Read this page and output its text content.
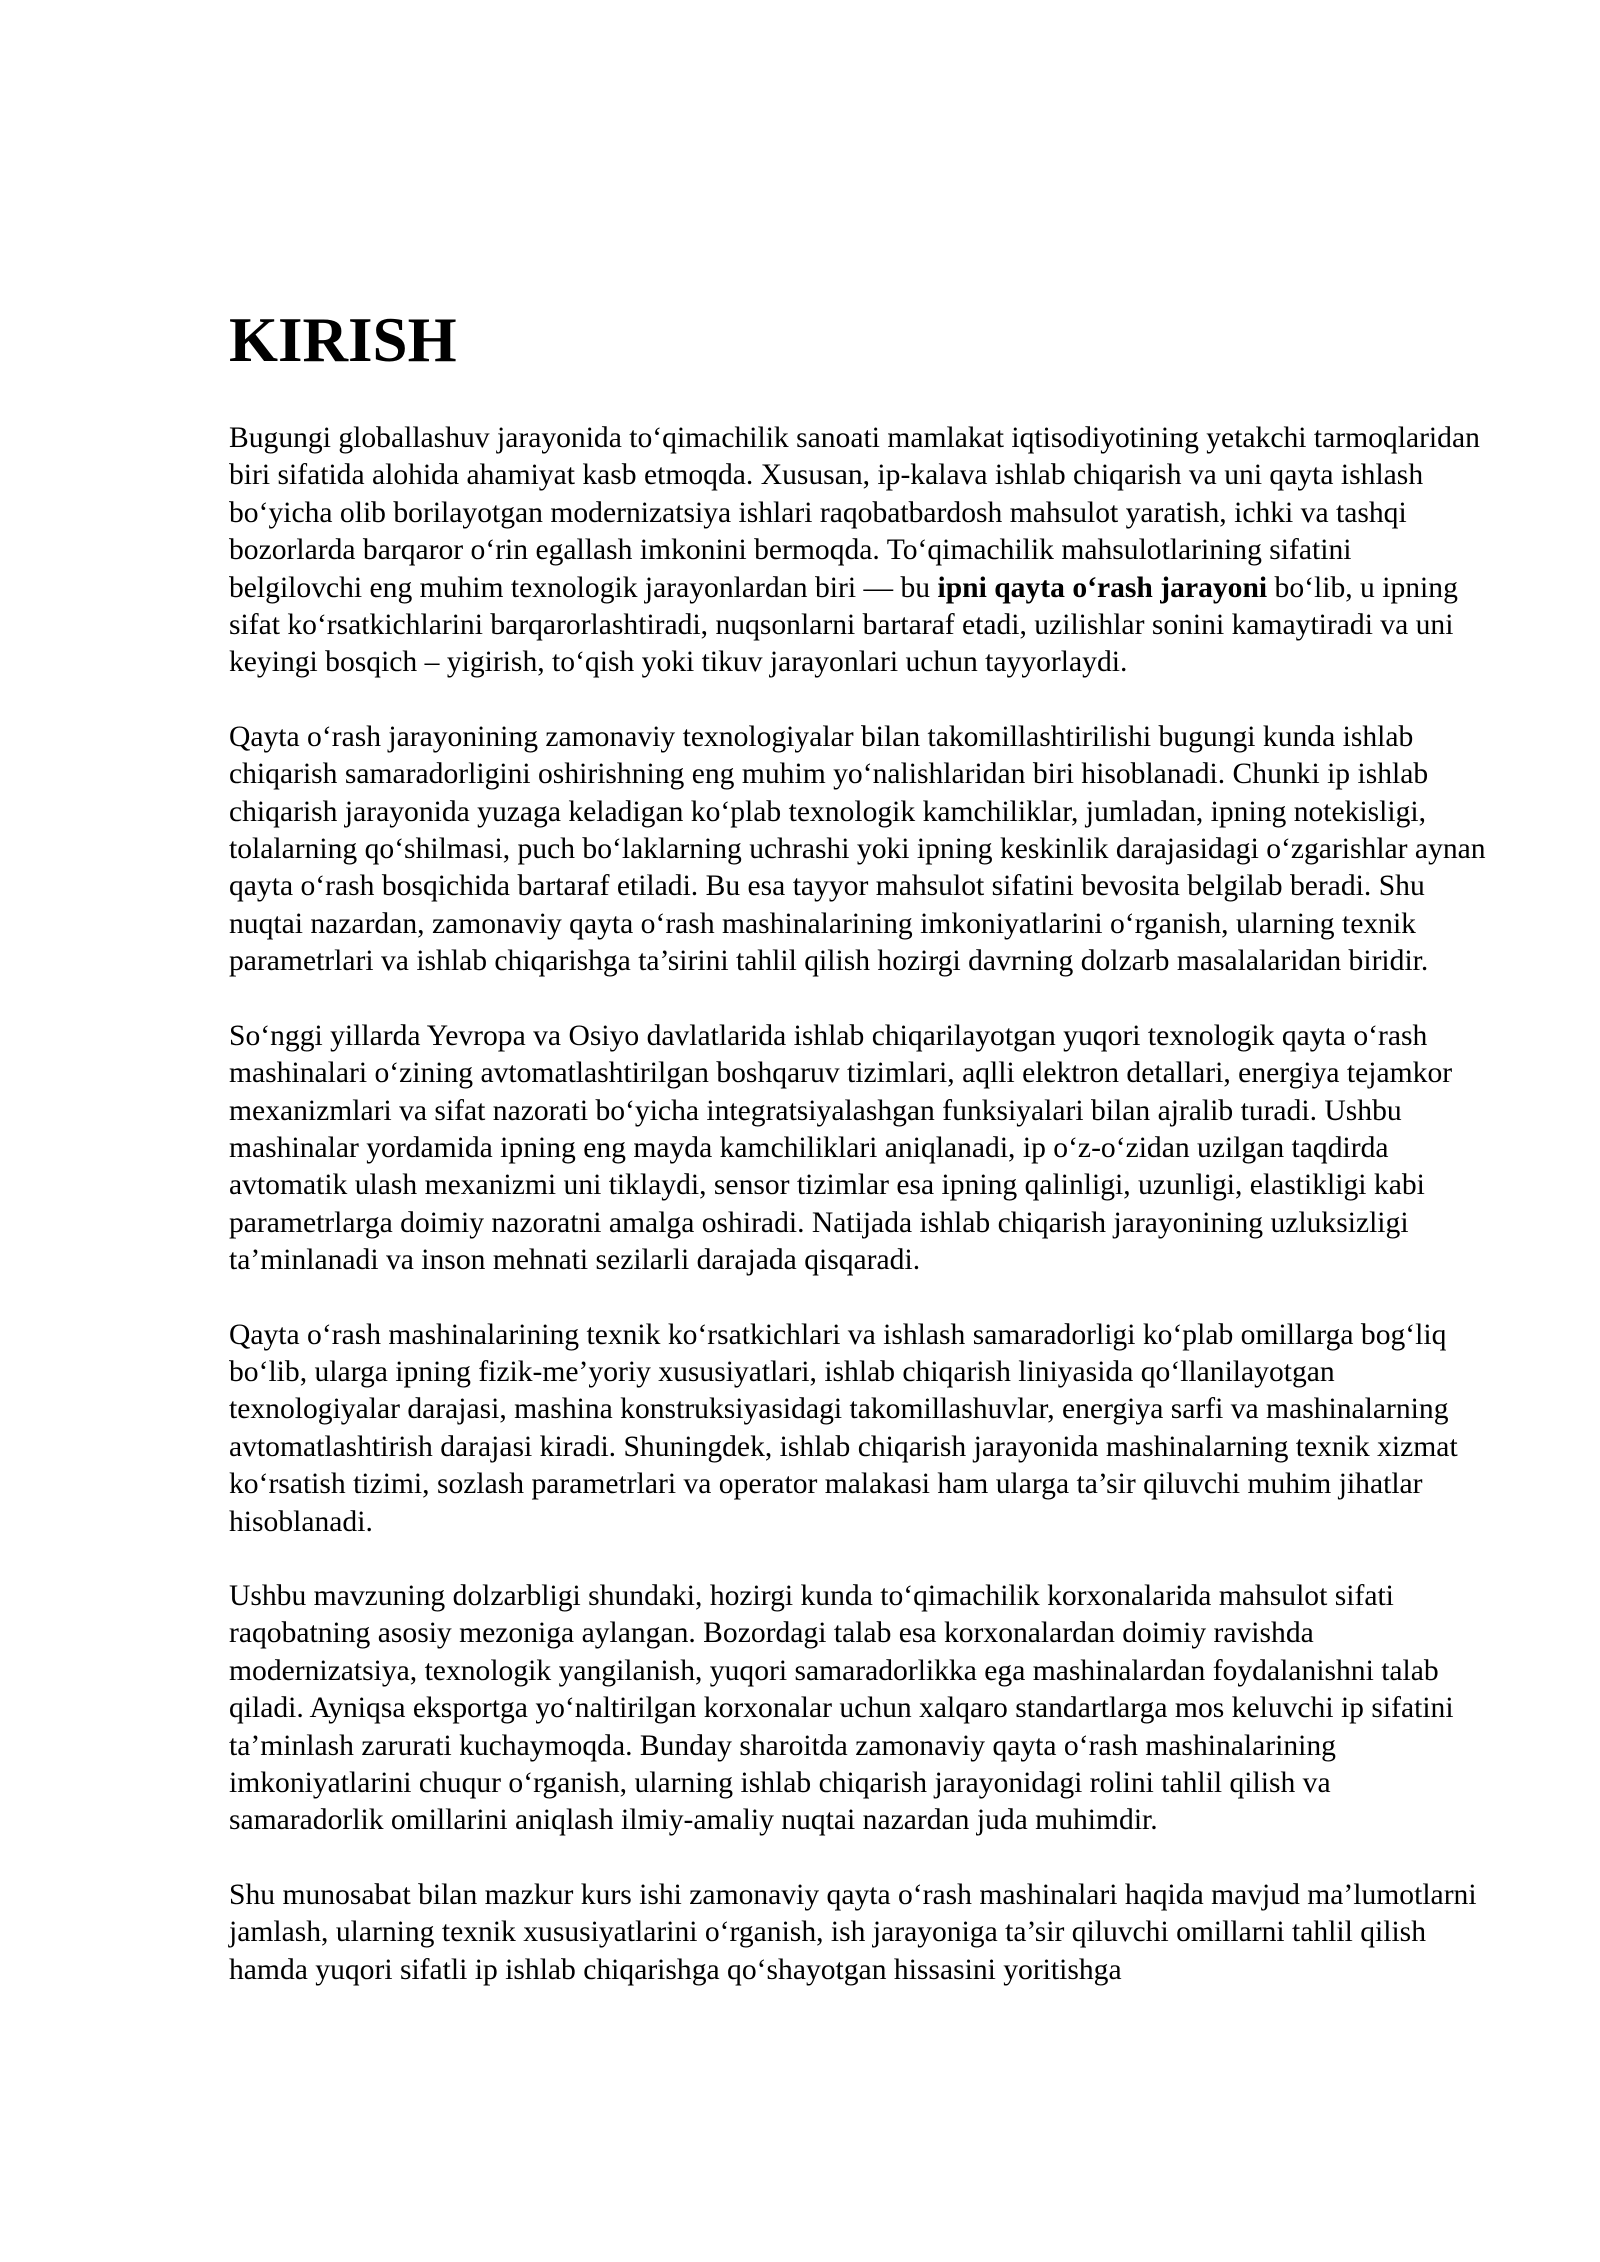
KIRISH

Bugungi globallashuv jarayonida to‘qimachilik sanoati mamlakat iqtisodiyotining yetakchi tarmoqlaridan biri sifatida alohida ahamiyat kasb etmoqda. Xususan, ip-kalava ishlab chiqarish va uni qayta ishlash bo‘yicha olib borilayotgan modernizatsiya ishlari raqobatbardosh mahsulot yaratish, ichki va tashqi bozorlarda barqaror o‘rin egallash imkonini bermoqda. To‘qimachilik mahsulotlarining sifatini belgilovchi eng muhim texnologik jarayonlardan biri — bu ipni qayta o‘rash jarayoni bo‘lib, u ipning sifat ko‘rsatkichlarini barqarorlashtiradi, nuqsonlarni bartaraf etadi, uzilishlar sonini kamaytiradi va uni keyingi bosqich – yigirish, to‘qish yoki tikuv jarayonlari uchun tayyorlaydi.

Qayta o‘rash jarayonining zamonaviy texnologiyalar bilan takomillashtirilishi bugungi kunda ishlab chiqarish samaradorligini oshirishning eng muhim yo‘nalishlaridan biri hisoblanadi. Chunki ip ishlab chiqarish jarayonida yuzaga keladigan ko‘plab texnologik kamchiliklar, jumladan, ipning notekisligi, tolalarning qo‘shilmasi, puch bo‘laklarning uchrashi yoki ipning keskinlik darajasidagi o‘zgarishlar aynan qayta o‘rash bosqichida bartaraf etiladi. Bu esa tayyor mahsulot sifatini bevosita belgilab beradi. Shu nuqtai nazardan, zamonaviy qayta o‘rash mashinalarining imkoniyatlarini o‘rganish, ularning texnik parametrlari va ishlab chiqarishga ta’sirini tahlil qilish hozirgi davrning dolzarb masalalaridan biridir.

So‘nggi yillarda Yevropa va Osiyo davlatlarida ishlab chiqarilayotgan yuqori texnologik qayta o‘rash mashinalari o‘zining avtomatlashtirilgan boshqaruv tizimlari, aqlli elektron detallari, energiya tejamkor mexanizmlari va sifat nazorati bo‘yicha integratsiyalashgan funksiyalari bilan ajralib turadi. Ushbu mashinalar yordamida ipning eng mayda kamchiliklari aniqlanadi, ip o‘z-o‘zidan uzilgan taqdirda avtomatik ulash mexanizmi uni tiklaydi, sensor tizimlar esa ipning qalinligi, uzunligi, elastikligi kabi parametrlarga doimiy nazoratni amalga oshiradi. Natijada ishlab chiqarish jarayonining uzluksizligi ta’minlanadi va inson mehnati sezilarli darajada qisqaradi.

Qayta o‘rash mashinalarining texnik ko‘rsatkichlari va ishlash samaradorligi ko‘plab omillarga bog‘liq bo‘lib, ularga ipning fizik-me’yoriy xususiyatlari, ishlab chiqarish liniyasida qo‘llanilayotgan texnologiyalar darajasi, mashina konstruksiyasidagi takomillashuvlar, energiya sarfi va mashinalarning avtomatlashtirish darajasi kiradi. Shuningdek, ishlab chiqarish jarayonida mashinalarning texnik xizmat ko‘rsatish tizimi, sozlash parametrlari va operator malakasi ham ularga ta’sir qiluvchi muhim jihatlar hisoblanadi.

Ushbu mavzuning dolzarbligi shundaki, hozirgi kunda to‘qimachilik korxonalarida mahsulot sifati raqobatning asosiy mezoniga aylangan. Bozordagi talab esa korxonalardan doimiy ravishda modernizatsiya, texnologik yangilanish, yuqori samaradorlikka ega mashinalardan foydalanishni talab qiladi. Ayniqsa eksportga yo‘naltirilgan korxonalar uchun xalqaro standartlarga mos keluvchi ip sifatini ta’minlash zarurati kuchaymoqda. Bunday sharoitda zamonaviy qayta o‘rash mashinalarining imkoniyatlarini chuqur o‘rganish, ularning ishlab chiqarish jarayonidagi rolini tahlil qilish va samaradorlik omillarini aniqlash ilmiy-amaliy nuqtai nazardan juda muhimdir.

Shu munosabat bilan mazkur kurs ishi zamonaviy qayta o‘rash mashinalari haqida mavjud ma’lumotlarni jamlash, ularning texnik xususiyatlarini o‘rganish, ish jarayoniga ta’sir qiluvchi omillarni tahlil qilish hamda yuqori sifatli ip ishlab chiqarishga qo‘shayotgan hissasini yoritishga
